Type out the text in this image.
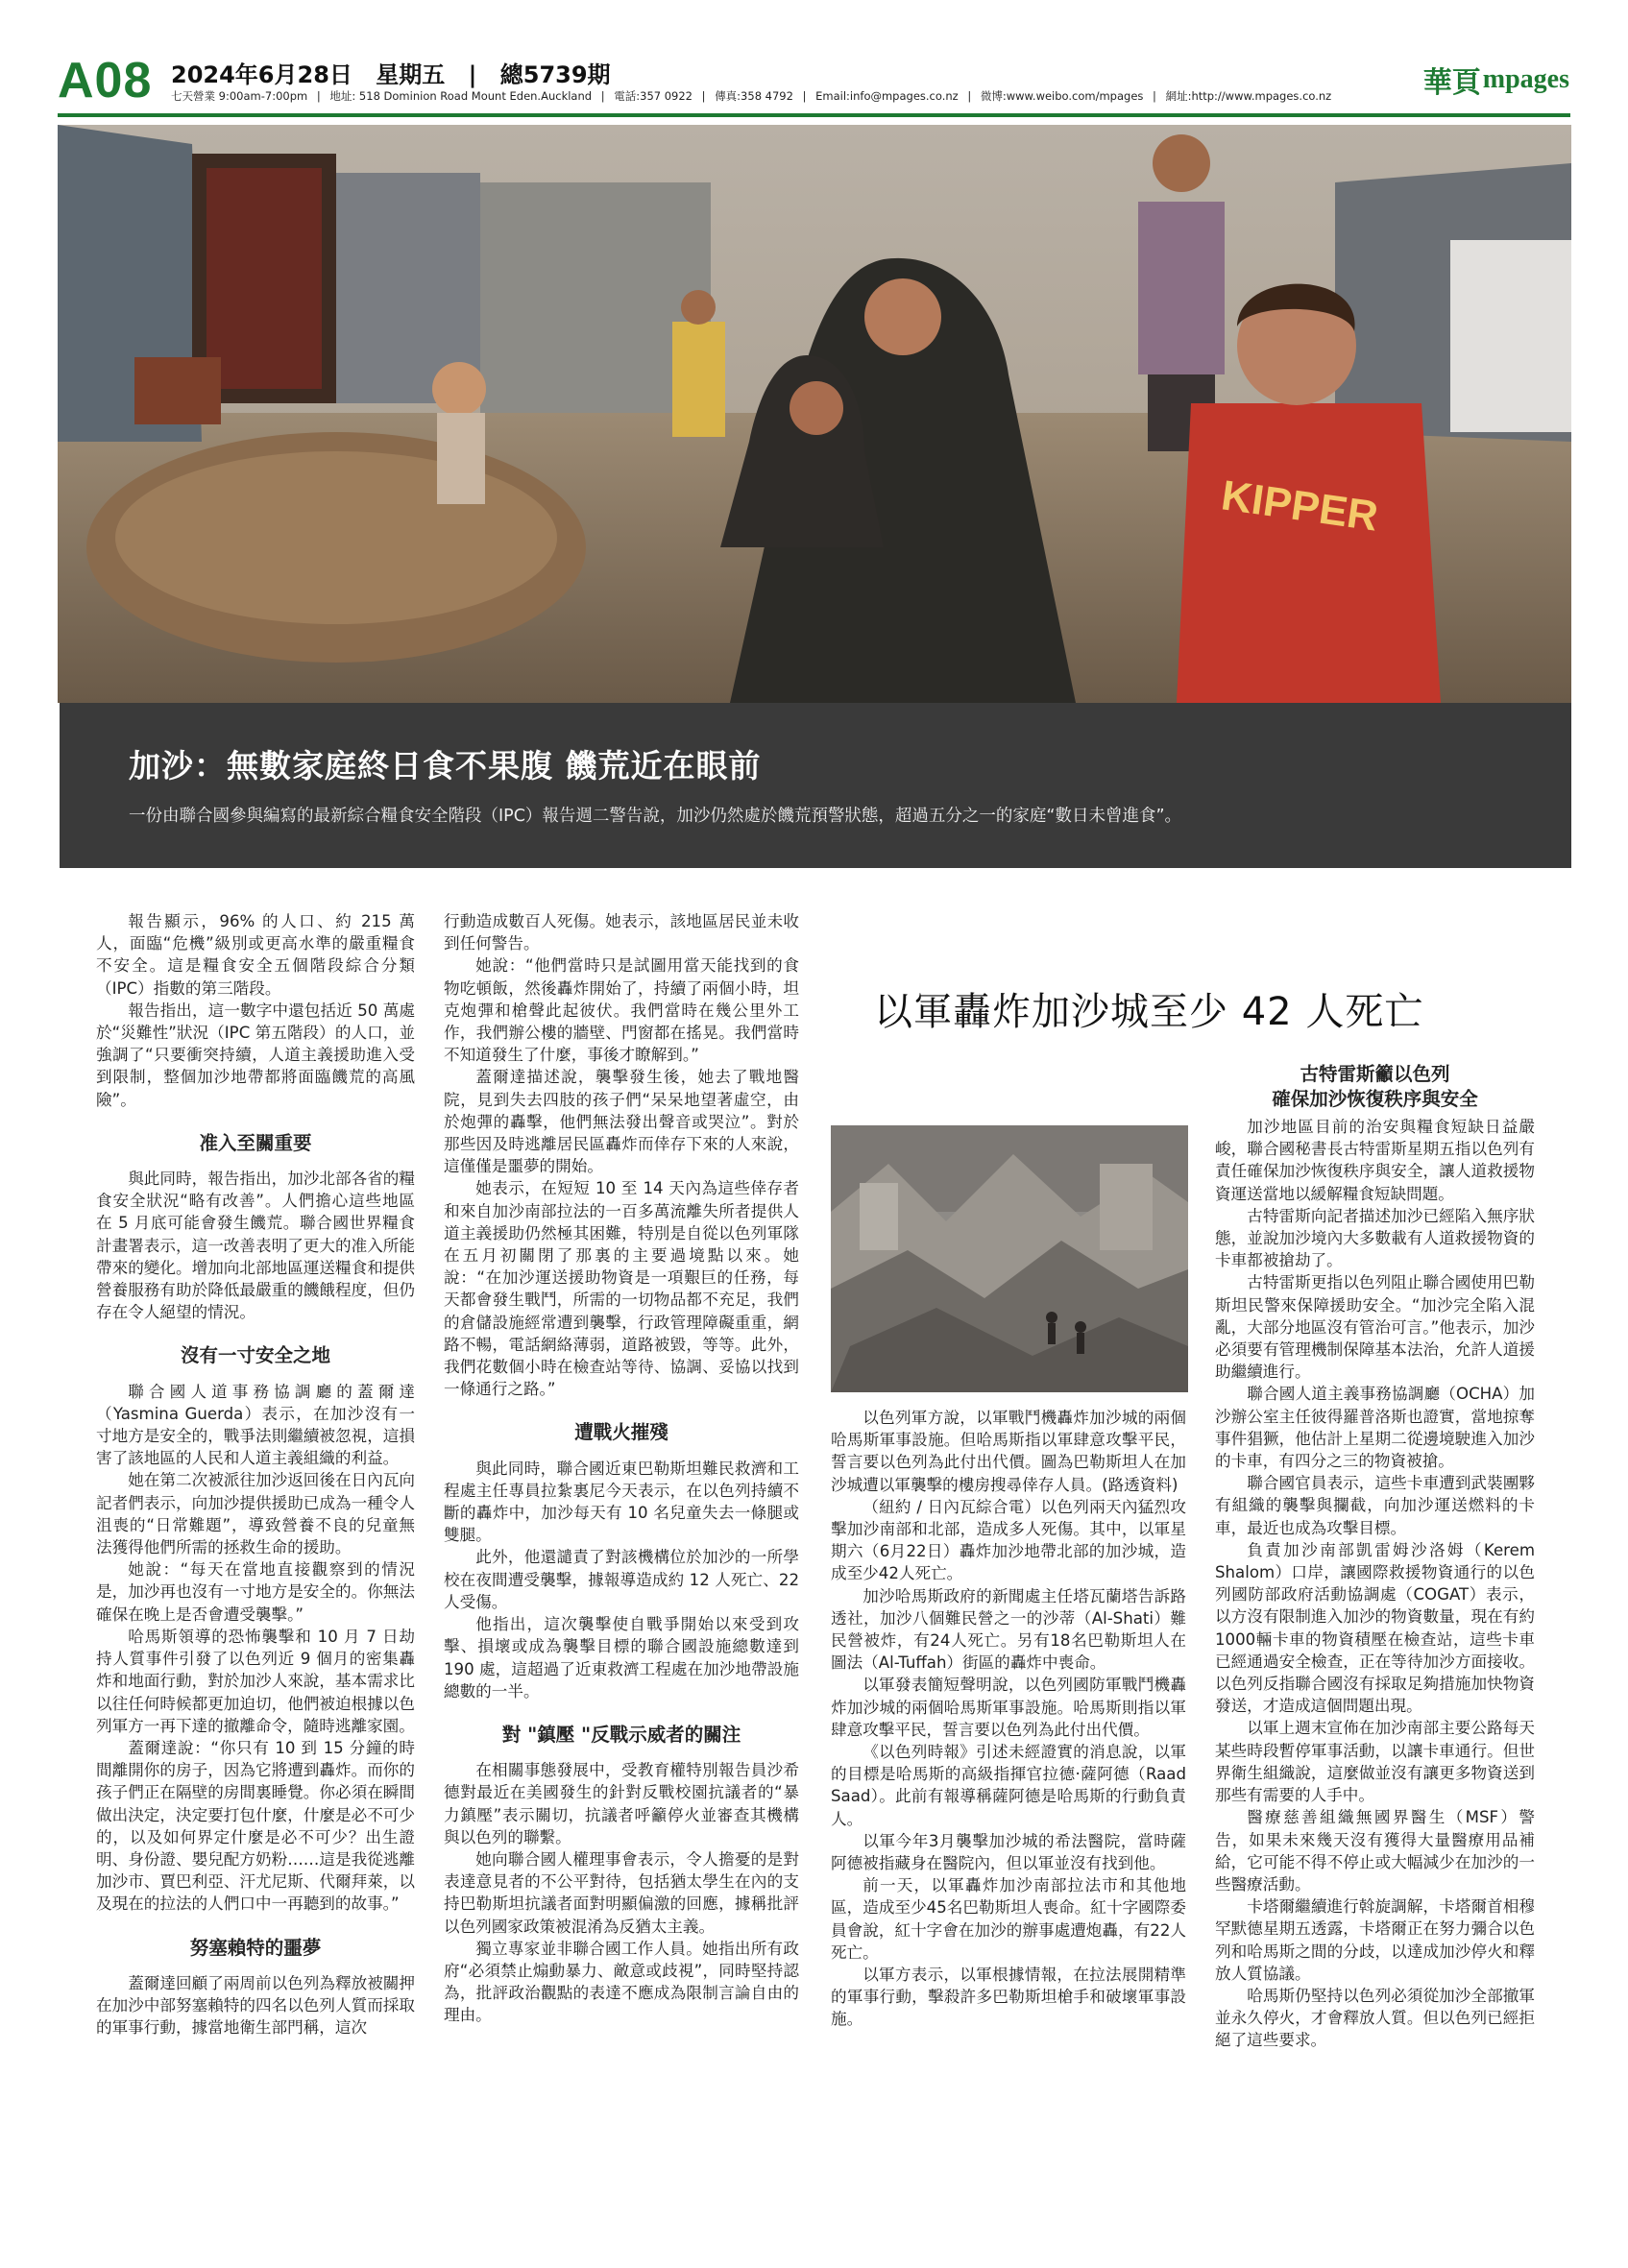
A08 2024年6月28日 星期五 | 總5739期
七天營業 9:00am-7:00pm | 地址: 518 Dominion Road Mount Eden.Auckland | 電話:357 0922 | 傳真:358 4792 | Email:info@mpages.co.nz | 微博:www.weibo.com/mpages | 網址:http://www.mpages.co.nz	華頁 mpages
KIPPER
加沙：無數家庭終日食不果腹 饑荒近在眼前
一份由聯合國參與編寫的最新綜合糧食安全階段（IPC）報告週二警告說，加沙仍然處於饑荒預警狀態，超過五分之一的家庭“數日未曾進食”。

報告顯示，96% 的人口、約 215 萬人，面臨“危機”級別或更高水準的嚴重糧食不安全。這是糧食安全五個階段綜合分類（IPC）指數的第三階段。

報告指出，這一數字中還包括近 50 萬處於“災難性”狀況（IPC 第五階段）的人口，並強調了“只要衝突持續，人道主義援助進入受到限制，整個加沙地帶都將面臨饑荒的高風險”。

准入至關重要

與此同時，報告指出，加沙北部各省的糧食安全狀況“略有改善”。人們擔心這些地區在 5 月底可能會發生饑荒。聯合國世界糧食計畫署表示，這一改善表明了更大的准入所能帶來的變化。增加向北部地區運送糧食和提供營養服務有助於降低最嚴重的饑餓程度，但仍存在令人絕望的情況。

沒有一寸安全之地

聯合國人道事務協調廳的蓋爾達（Yasmina Guerda）表示，在加沙沒有一寸地方是安全的，戰爭法則繼續被忽視，這損害了該地區的人民和人道主義組織的利益。

她在第二次被派往加沙返回後在日內瓦向記者們表示，向加沙提供援助已成為一種令人沮喪的“日常難題”，導致營養不良的兒童無法獲得他們所需的拯救生命的援助。

她說：“每天在當地直接觀察到的情況是，加沙再也沒有一寸地方是安全的。你無法確保在晚上是否會遭受襲擊。”

哈馬斯領導的恐怖襲擊和 10 月 7 日劫持人質事件引發了以色列近 9 個月的密集轟炸和地面行動，對於加沙人來說，基本需求比以往任何時候都更加迫切，他們被迫根據以色列軍方一再下達的撤離命令，隨時逃離家園。

蓋爾達說：“你只有 10 到 15 分鐘的時間離開你的房子，因為它將遭到轟炸。而你的孩子們正在隔壁的房間裏睡覺。你必須在瞬間做出決定，決定要打包什麼，什麼是必不可少的，以及如何界定什麼是必不可少？出生證明、身份證、嬰兒配方奶粉……這是我從逃離加沙市、賈巴利亞、汗尤尼斯、代爾拜萊，以及現在的拉法的人們口中一再聽到的故事。”

努塞賴特的噩夢

蓋爾達回顧了兩周前以色列為釋放被關押在加沙中部努塞賴特的四名以色列人質而採取的軍事行動，據當地衛生部門稱，這次

行動造成數百人死傷。她表示，該地區居民並未收到任何警告。

她說：“他們當時只是試圖用當天能找到的食物吃頓飯，然後轟炸開始了，持續了兩個小時，坦克炮彈和槍聲此起彼伏。我們當時在幾公里外工作，我們辦公樓的牆壁、門窗都在搖晃。我們當時不知道發生了什麼，事後才瞭解到。”

蓋爾達描述說，襲擊發生後，她去了戰地醫院，見到失去四肢的孩子們“呆呆地望著虛空，由於炮彈的轟擊，他們無法發出聲音或哭泣”。對於那些因及時逃離居民區轟炸而倖存下來的人來說，這僅僅是噩夢的開始。

她表示，在短短 10 至 14 天內為這些倖存者和來自加沙南部拉法的一百多萬流離失所者提供人道主義援助仍然極其困難，特別是自從以色列軍隊在五月初關閉了那裏的主要過境點以來。她說：“在加沙運送援助物資是一項艱巨的任務，每天都會發生戰鬥，所需的一切物品都不充足，我們的倉儲設施經常遭到襲擊，行政管理障礙重重，網路不暢，電話網絡薄弱，道路被毀，等等。此外，我們花數個小時在檢查站等待、協調、妥協以找到一條通行之路。”

遭戰火摧殘

與此同時，聯合國近東巴勒斯坦難民救濟和工程處主任專員拉紮裏尼今天表示，在以色列持續不斷的轟炸中，加沙每天有 10 名兒童失去一條腿或雙腿。

此外，他還譴責了對該機構位於加沙的一所學校在夜間遭受襲擊，據報導造成約 12 人死亡、22 人受傷。

他指出，這次襲擊使自戰爭開始以來受到攻擊、損壞或成為襲擊目標的聯合國設施總數達到 190 處，這超過了近東救濟工程處在加沙地帶設施總數的一半。

對 "鎮壓 "反戰示威者的關注

在相關事態發展中，受教育權特別報告員沙希德對最近在美國發生的針對反戰校園抗議者的“暴力鎮壓”表示關切，抗議者呼籲停火並審查其機構與以色列的聯繫。

她向聯合國人權理事會表示，令人擔憂的是對表達意見者的不公平對待，包括猶太學生在內的支持巴勒斯坦抗議者面對明顯偏激的回應，據稱批評以色列國家政策被混淆為反猶太主義。

獨立專家並非聯合國工作人員。她指出所有政府“必須禁止煽動暴力、敵意或歧視”，同時堅持認為，批評政治觀點的表達不應成為限制言論自由的理由。

以軍轟炸加沙城至少 42 人死亡

以色列軍方說，以軍戰鬥機轟炸加沙城的兩個哈馬斯軍事設施。但哈馬斯指以軍肆意攻擊平民，誓言要以色列為此付出代價。圖為巴勒斯坦人在加沙城遭以軍襲擊的樓房搜尋倖存人員。(路透資料)

（紐約 / 日內瓦綜合電）以色列兩天內猛烈攻擊加沙南部和北部，造成多人死傷。其中，以軍星期六（6月22日）轟炸加沙地帶北部的加沙城，造成至少42人死亡。

加沙哈馬斯政府的新聞處主任塔瓦蘭塔告訴路透社，加沙八個難民營之一的沙蒂（Al-Shati）難民營被炸，有24人死亡。另有18名巴勒斯坦人在圖法（Al-Tuffah）街區的轟炸中喪命。

以軍發表簡短聲明說，以色列國防軍戰鬥機轟炸加沙城的兩個哈馬斯軍事設施。哈馬斯則指以軍肆意攻擊平民，誓言要以色列為此付出代價。

《以色列時報》引述未經證實的消息說，以軍的目標是哈馬斯的高級指揮官拉德·薩阿德（Raad Saad）。此前有報導稱薩阿德是哈馬斯的行動負責人。

以軍今年3月襲擊加沙城的希法醫院，當時薩阿德被指藏身在醫院內，但以軍並沒有找到他。

前一天，以軍轟炸加沙南部拉法市和其他地區，造成至少45名巴勒斯坦人喪命。紅十字國際委員會說，紅十字會在加沙的辦事處遭炮轟，有22人死亡。

以軍方表示，以軍根據情報，在拉法展開精準的軍事行動，擊殺許多巴勒斯坦槍手和破壞軍事設施。

古特雷斯籲以色列
確保加沙恢復秩序與安全

加沙地區目前的治安與糧食短缺日益嚴峻，聯合國秘書長古特雷斯星期五指以色列有責任確保加沙恢復秩序與安全，讓人道救援物資運送當地以緩解糧食短缺問題。

古特雷斯向記者描述加沙已經陷入無序狀態，並說加沙境內大多數載有人道救援物資的卡車都被搶劫了。

古特雷斯更指以色列阻止聯合國使用巴勒斯坦民警來保障援助安全。“加沙完全陷入混亂，大部分地區沒有管治可言。”他表示，加沙必須要有管理機制保障基本法治，允許人道援助繼續進行。

聯合國人道主義事務協調廳（OCHA）加沙辦公室主任彼得羅普洛斯也證實，當地掠奪事件猖獗，他估計上星期二從邊境駛進入加沙的卡車，有四分之三的物資被搶。

聯合國官員表示，這些卡車遭到武裝團夥有組織的襲擊與攔截，向加沙運送燃料的卡車，最近也成為攻擊目標。

負責加沙南部凱雷姆沙洛姆（Kerem Shalom）口岸，讓國際救援物資通行的以色列國防部政府活動協調處（COGAT）表示，以方沒有限制進入加沙的物資數量，現在有約1000輛卡車的物資積壓在檢查站，這些卡車已經通過安全檢查，正在等待加沙方面接收。以色列反指聯合國沒有採取足夠措施加快物資發送，才造成這個問題出現。

以軍上週末宣佈在加沙南部主要公路每天某些時段暫停軍事活動，以讓卡車通行。但世界衛生組織說，這麼做並沒有讓更多物資送到那些有需要的人手中。

醫療慈善組織無國界醫生（MSF）警告，如果未來幾天沒有獲得大量醫療用品補給，它可能不得不停止或大幅減少在加沙的一些醫療活動。

卡塔爾繼續進行斡旋調解，卡塔爾首相穆罕默德星期五透露，卡塔爾正在努力彌合以色列和哈馬斯之間的分歧，以達成加沙停火和釋放人質協議。

哈馬斯仍堅持以色列必須從加沙全部撤軍並永久停火，才會釋放人質。但以色列已經拒絕了這些要求。
